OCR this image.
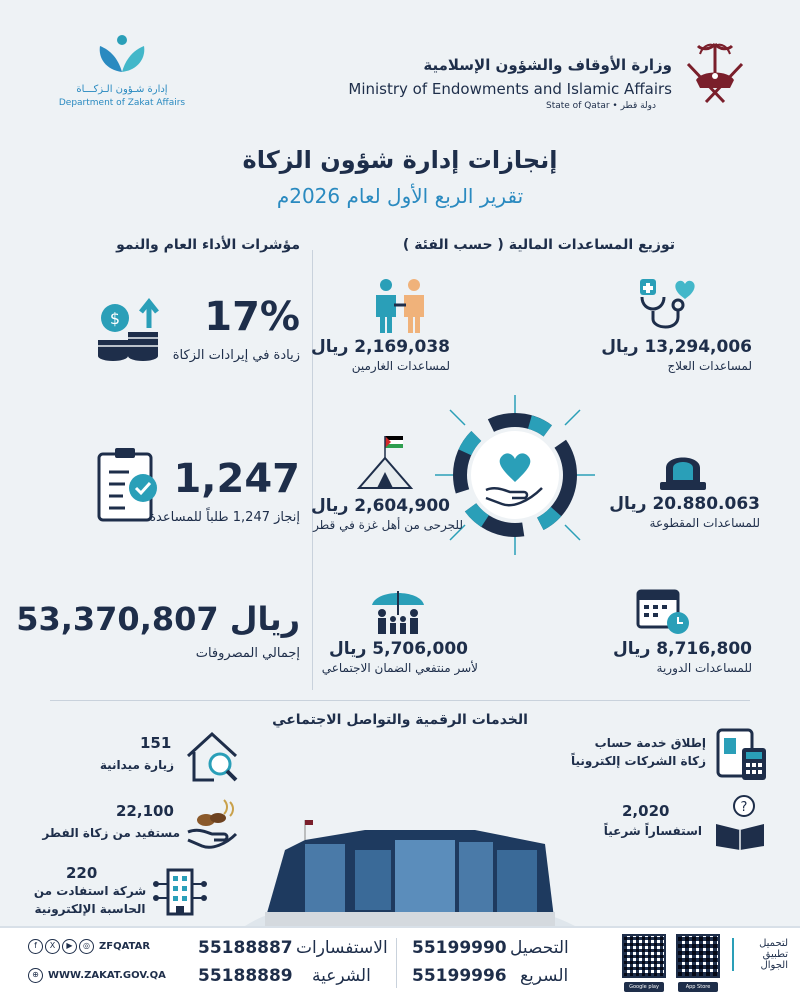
وزارة الأوقاف والشؤون الإسلامية
Ministry of Endowments and Islamic Affairs
State of Qatar • دولة قطر
إدارة شـؤون الـزكـــاة
Department of Zakat Affairs
إنجازات إدارة شؤون الزكاة
تقرير الربع الأول لعام 2026م
توزيع المساعدات المالية ( حسب الفئة )
مؤشرات الأداء العام والنمو
13,294,006 ريال
لمساعدات العلاج
2,169,038 ريال
لمساعدات الغارمين
20.880.063 ريال
للمساعدات المقطوعة
2,604,900 ريال
للجرحى من أهل غزة في قطر
8,716,800 ريال
للمساعدات الدورية
5,706,000 ريال
لأسر منتفعي الضمان الاجتماعي
$ 17%
زيادة في إيرادات الزكاة
1,247
إنجاز 1,247 طلباً للمساعدة
53,370,807 ريال
إجمالي المصروفات
الخدمات الرقمية والتواصل الاجتماعي
151
زيارة ميدانية
22,100
مستفيد من زكاة الفطر
220
شركة استفادت من
الحاسبة الإلكترونية
إطلاق خدمة حساب
زكاة الشركات إلكترونياً
2,020
استفساراً شرعياً
?
f	X	▶	◎ ZFQATAR
⊕ WWW.ZAKAT.GOV.QA
55188887 الاستفسارات
55188889 الشرعية
55199990 التحصيل
55199996 السريع
Google play	App Store
لتحميل
تطبيق
الجوال
